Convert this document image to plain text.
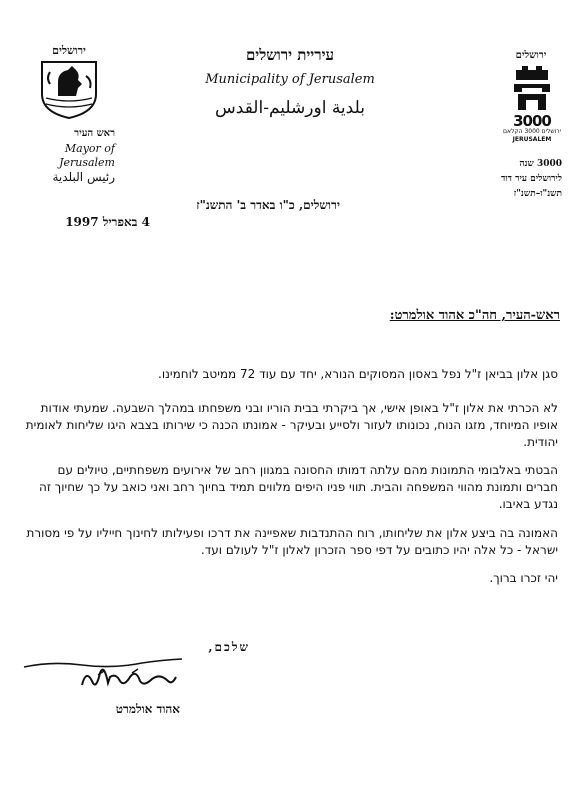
ירושלים
ראש העיר
Mayor of
Jerusalem
رئيس البلدية
עיריית ירושלים
Municipality of Jerusalem
بلدية اورشليم-القدس
ירושלים
3000
ירושלים 3000 הקלאם
JERUSALEM
3000 שנה
לירושלים עיר דוד
תשנ"ו–תשנ"ז
ירושלים, כ"ו באדר ב' התשנ"ז
4 באפריל 1997
ראש-העיר, חה"כ אהוד אולמרט:
סגן אלון בביאן ז"ל נפל באסון המסוקים הנורא, יחד עם עוד 72 ממיטב לוחמינו.
לא הכרתי את אלון ז"ל באופן אישי, אך ביקרתי בבית הוריו ובני משפחתו במהלך השבעה. שמעתי אודות אופיו המיוחד, מזגו הנוח, נכונותו לעזור ולסייע ובעיקר - אמונתו הכנה כי שירותו בצבא היגו שליחות לאומית יהודית.
הבטתי באלבומי התמונות מהם עלתה דמותו החסונה במגוון רחב של אירועים משפחתיים, טיולים עם חברים ותמונת מהווי המשפחה והבית. תווי פניו היפים מלווים תמיד בחיוך רחב ואני כואב על כך שחיוך זה נגדע באיבו.
האמונה בה ביצע אלון את שליחותו, רוח ההתנדבות שאפיינה את דרכו ופעילותו לחינוך חייליו על פי מסורת ישראל - כל אלה יהיו כתובים על דפי ספר הזכרון לאלון ז"ל לעולם ועד.
יהי זכרו ברוך.
שלכם,
אהוד אולמרט
